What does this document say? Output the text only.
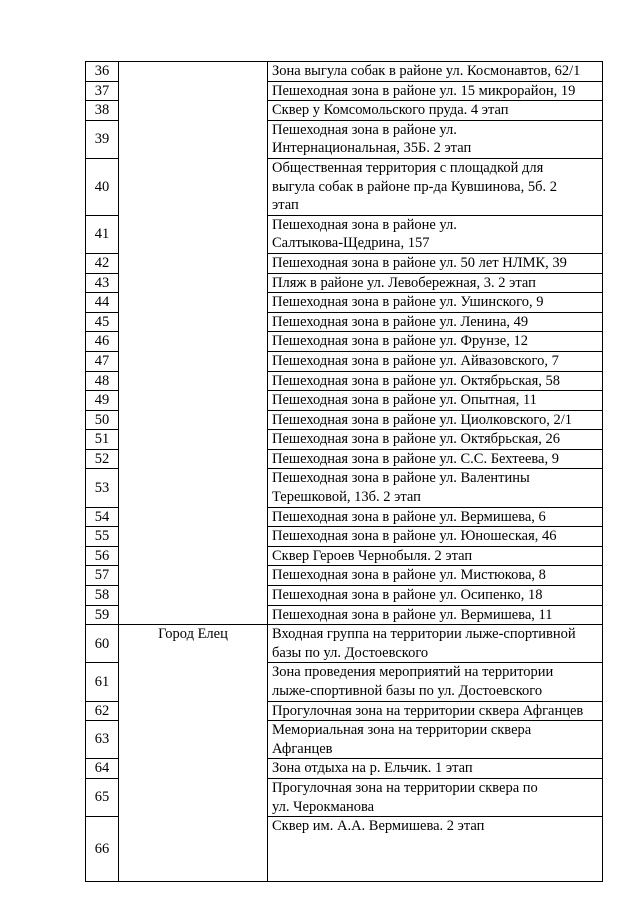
36		Зона выгула собак в районе ул. Космонавтов, 62/1
37		Пешеходная зона в районе ул. 15 микрорайон, 19
38		Сквер у Комсомольского пруда. 4 этап
39		Пешеходная зона в районе ул.
Интернациональная, 35Б. 2 этап
40		Общественная территория с площадкой для
выгула собак в районе пр-да Кувшинова, 5б. 2
этап
41		Пешеходная зона в районе ул.
Салтыкова-Щедрина, 157
42		Пешеходная зона в районе ул. 50 лет НЛМК, 39
43		Пляж в районе ул. Левобережная, 3. 2 этап
44		Пешеходная зона в районе ул. Ушинского, 9
45		Пешеходная зона в районе ул. Ленина, 49
46		Пешеходная зона в районе ул. Фрунзе, 12
47		Пешеходная зона в районе ул. Айвазовского, 7
48		Пешеходная зона в районе ул. Октябрьская, 58
49		Пешеходная зона в районе ул. Опытная, 11
50		Пешеходная зона в районе ул. Циолковского, 2/1
51		Пешеходная зона в районе ул. Октябрьская, 26
52		Пешеходная зона в районе ул. С.С. Бехтеева, 9
53		Пешеходная зона в районе ул. Валентины
Терешковой, 13б. 2 этап
54		Пешеходная зона в районе ул. Вермишева, 6
55		Пешеходная зона в районе ул. Юношеская, 46
56		Сквер Героев Чернобыля. 2 этап
57		Пешеходная зона в районе ул. Мистюкова, 8
58		Пешеходная зона в районе ул. Осипенко, 18
59		Пешеходная зона в районе ул. Вермишева, 11
60	Город Елец	Входная группа на территории лыже-спортивной
базы по ул. Достоевского
61		Зона проведения мероприятий на территории
лыже-спортивной базы по ул. Достоевского
62		Прогулочная зона на территории сквера Афганцев
63		Мемориальная зона на территории сквера
Афганцев
64		Зона отдыха на р. Ельчик. 1 этап
65		Прогулочная зона на территории сквера по
ул. Черокманова
66		Сквер им. А.А. Вермишева. 2 этап
